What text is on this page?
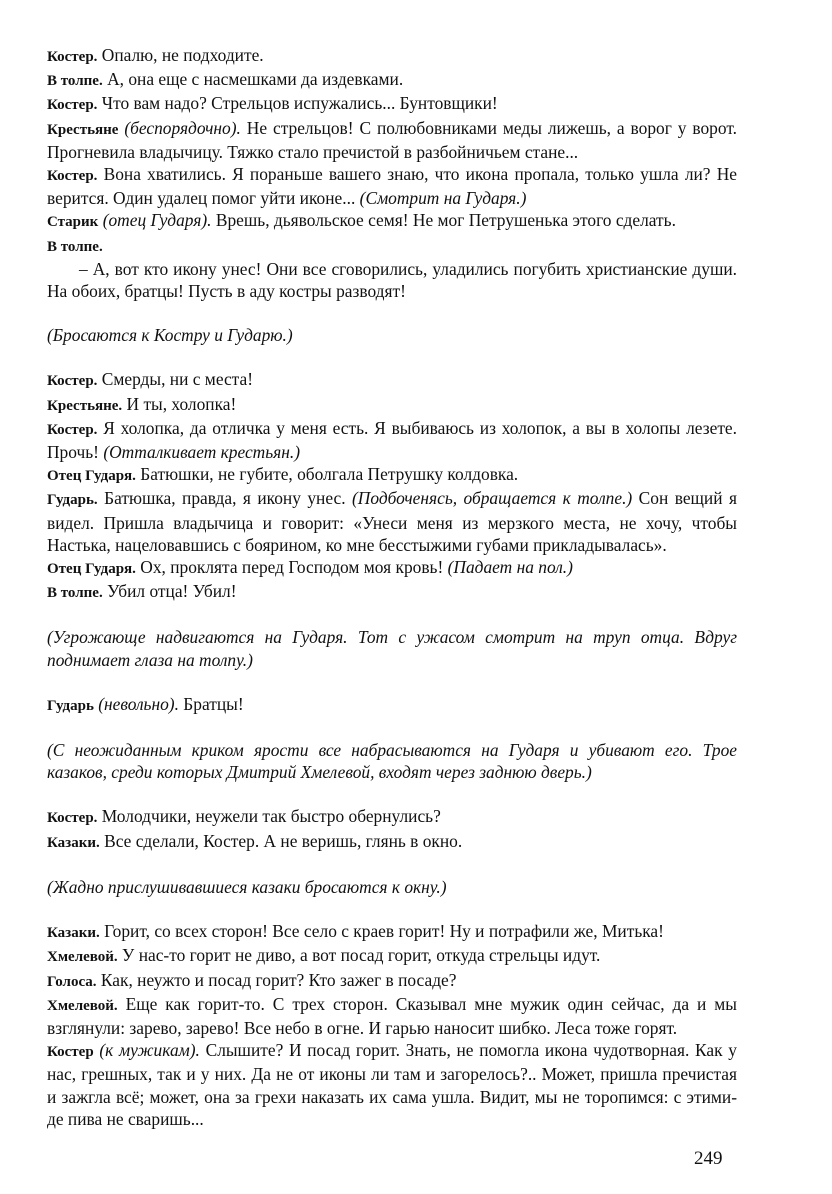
Костер. Опалю, не подходите.

В толпе. А, она еще с насмешками да издевками.

Костер. Что вам надо? Стрельцов испужались... Бунтовщики!

Крестьяне (беспорядочно). Не стрельцов! С полюбовниками меды лижешь, а ворог у ворот. Прогневила владычицу. Тяжко стало пречистой в разбойничьем стане...

Костер. Вона хватились. Я пораньше вашего знаю, что икона пропала, только ушла ли? Не верится. Один удалец помог уйти иконе... (Смотрит на Гударя.)

Старик (отец Гударя). Врешь, дьявольское семя! Не мог Петрушенька этого сделать.

В толпе.

– А, вот кто икону унес! Они все сговорились, уладились погубить христианские души. На обоих, братцы! Пусть в аду костры разводят!

(Бросаются к Костру и Гударю.)

Костер. Смерды, ни с места!

Крестьяне. И ты, холопка!

Костер. Я холопка, да отличка у меня есть. Я выбиваюсь из холопок, а вы в холопы лезете. Прочь! (Отталкивает крестьян.)

Отец Гударя. Батюшки, не губите, оболгала Петрушку колдовка.

Гударь. Батюшка, правда, я икону унес. (Подбоченясь, обращается к толпе.) Сон вещий я видел. Пришла владычица и говорит: «Унеси меня из мерзкого места, не хочу, чтобы Настька, нацеловавшись с боярином, ко мне бесстыжими губами прикладывалась».

Отец Гударя. Ох, проклята перед Господом моя кровь! (Падает на пол.)

В толпе. Убил отца! Убил!

(Угрожающе надвигаются на Гударя. Тот с ужасом смотрит на труп отца. Вдруг поднимает глаза на толпу.)

Гударь (невольно). Братцы!

(С неожиданным криком ярости все набрасываются на Гударя и убивают его. Трое казаков, среди которых Дмитрий Хмелевой, входят через заднюю дверь.)

Костер. Молодчики, неужели так быстро обернулись?

Казаки. Все сделали, Костер. А не веришь, глянь в окно.

(Жадно прислушивавшиеся казаки бросаются к окну.)

Казаки. Горит, со всех сторон! Все село с краев горит! Ну и потрафили же, Митька!

Хмелевой. У нас-то горит не диво, а вот посад горит, откуда стрельцы идут.

Голоса. Как, неужто и посад горит? Кто зажег в посаде?

Хмелевой. Еще как горит-то. С трех сторон. Сказывал мне мужик один сейчас, да и мы взглянули: зарево, зарево! Все небо в огне. И гарью наносит шибко. Леса тоже горят.

Костер (к мужикам). Слышите? И посад горит. Знать, не помогла икона чудотворная. Как у нас, грешных, так и у них. Да не от иконы ли там и загорелось?.. Может, пришла пречистая и зажгла всё; может, она за грехи наказать их сама ушла. Видит, мы не торопимся: с этими-де пива не сваришь...

249
